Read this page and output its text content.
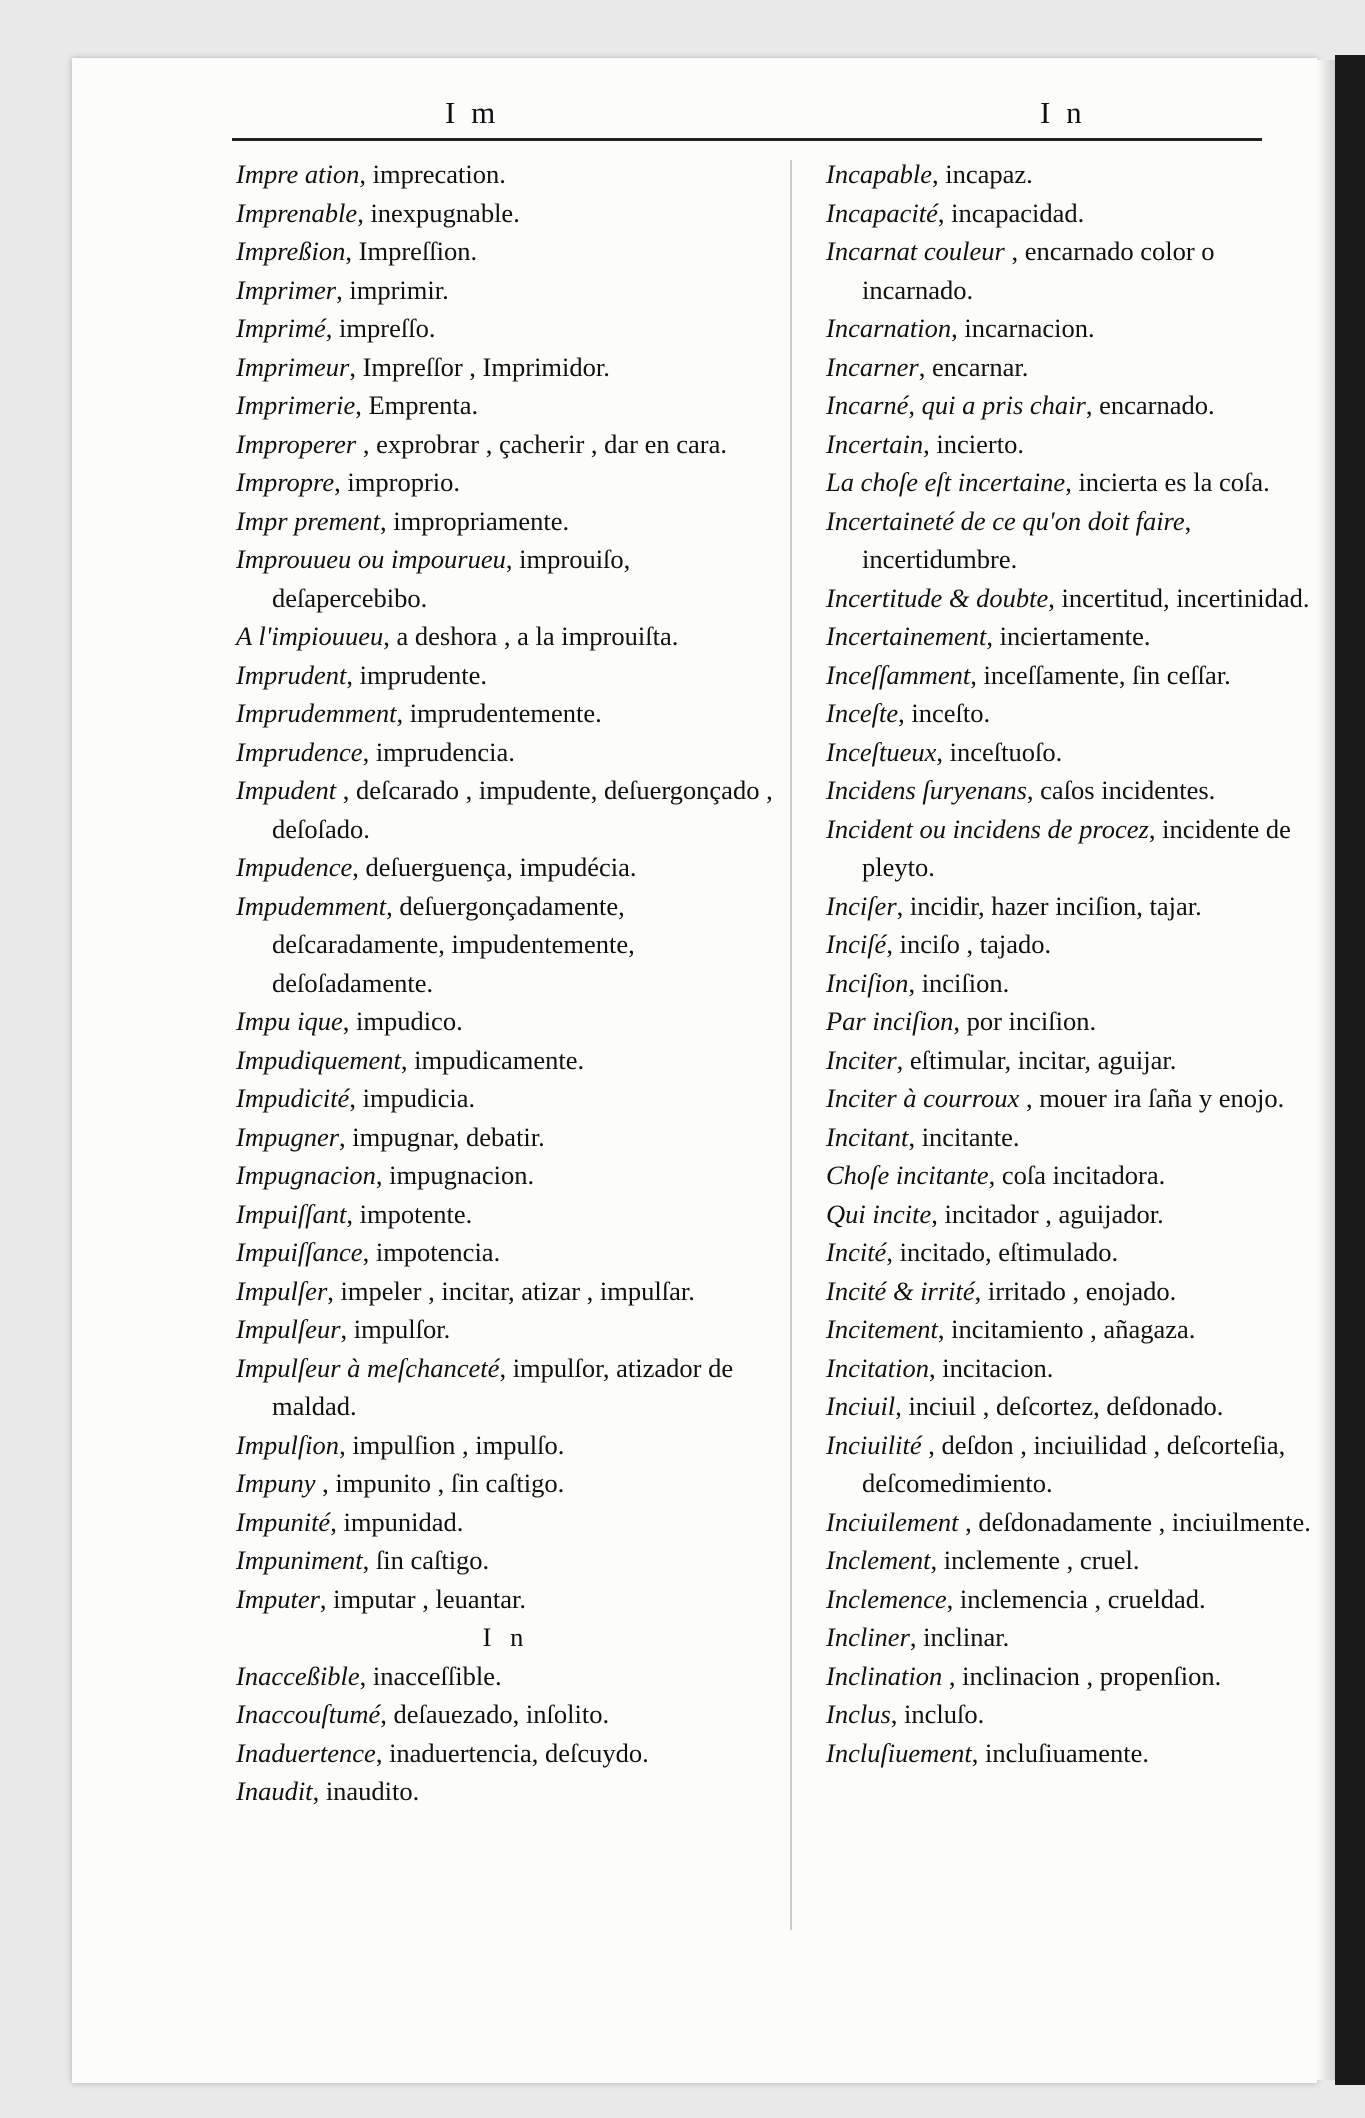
I m	I n

Impre ation, imprecation.

Imprenable, inexpugnable.

Impreßion, Impreſſion.

Imprimer, imprimir.

Imprimé, impreſſo.

Imprimeur, Impreſſor , Imprimidor.

Imprimerie, Emprenta.

Improperer , exprobrar , çacherir , dar en cara.

Impropre, improprio.

Impr prement, impropriamente.

Improuueu ou impouruеu, improuiſo, deſapercebibo.

A l'impiouueu, a deshora , a la improuiſta.

Imprudent, imprudente.

Imprudemment, imprudentemente.

Imprudence, imprudencia.

Impudent , deſcarado , impudente, deſuergonçado , deſoſado.

Impudence, deſuerguença, impudécia.

Impudemment, deſuergonçadamente, deſcaradamente, impudentemente, deſoſadamente.

Impu ique, impudico.

Impudiquement, impudicamente.

Impudicité, impudicia.

Impugner, impugnar, debatir.

Impugnacion, impugnacion.

Impuiſſant, impotente.

Impuiſſance, impotencia.

Impulſer, impeler , incitar, atizar , impulſar.

Impulſeur, impulſor.

Impulſeur à meſchanceté, impulſor, atizador de maldad.

Impulſion, impulſion , impulſo.

Impuny , impunito , ſin caſtigo.

Impunité, impunidad.

Impuniment, ſin caſtigo.

Imputer, imputar , leuantar.

I n

Inacceßible, inacceſſible.

Inaccouſtumé, deſauezado, inſolito.

Inaduertence, inaduertencia, deſcuydo.

Inaudit, inaudito.

Incapable, incapaz.

Incapacité, incapacidad.

Incarnat couleur , encarnado color o incarnado.

Incarnation, incarnacion.

Incarner, encarnar.

Incarné, qui a pris chair, encarnado.

Incertain, incierto.

La choſe eſt incertaine, incierta es la coſa.

Incertaineté de ce qu'on doit faire, incertidumbre.

Incertitude & doubte, incertitud, incertinidad.

Incertainement, inciertamente.

Inceſſamment, inceſſamente, ſin ceſſar.

Inceſte, inceſto.

Inceſtueux, inceſtuoſo.

Incidens ſurуenans, caſos incidentes.

Incident ou incidens de procez, incidente de pleyto.

Inciſer, incidir, hazer inciſion, tajar.

Inciſé, inciſo , tajado.

Inciſion, inciſion.

Par inciſion, por inciſion.

Inciter, eſtimular, incitar, aguijar.

Inciter à courroux , mouer ira ſaña y enojo.

Incitant, incitante.

Choſe incitante, coſa incitadora.

Qui incite, incitador , aguijador.

Incité, incitado, eſtimulado.

Incité & irrité, irritado , enojado.

Incitement, incitamiento , añagaza.

Incitation, incitacion.

Inciuil, inciuil , deſcortez, deſdonado.

Inciuilité , deſdon , inciuilidad , deſcorteſia, deſcomedimiento.

Inciuilement , deſdonadamente , inciuilmente.

Inclement, inclemente , cruel.

Inclemence, inclemencia , crueldad.

Incliner, inclinar.

Inclination , inclinacion , propenſion.

Inclus, incluſo.

Incluſiuement, incluſiuamente.
